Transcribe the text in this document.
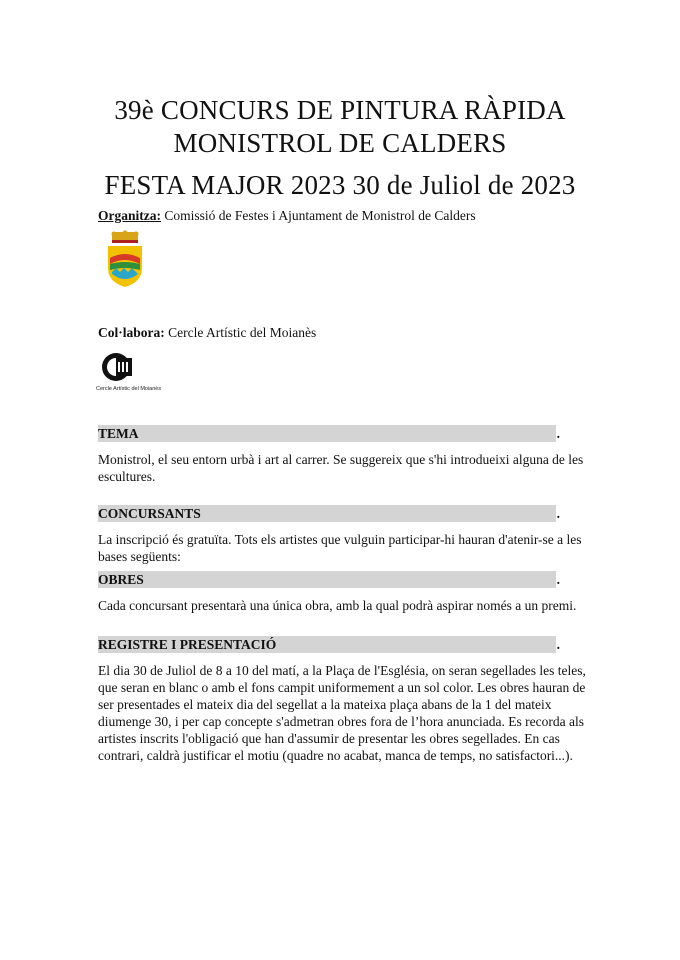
39è CONCURS DE PINTURA RÀPIDA
MONISTROL DE CALDERS
FESTA MAJOR 2023 30 de Juliol de 2023
Organitza: Comissió de Festes i Ajuntament de Monistrol de Calders
Col·labora: Cercle Artístic del Moianès
Cercle Artístic del Moianès
TEMA	.
Monistrol, el seu entorn urbà i art al carrer. Se suggereix que s'hi introdueixi alguna de les escultures.
CONCURSANTS	.
La inscripció és gratuïta. Tots els artistes que vulguin participar-hi hauran d'atenir-se a les bases següents:
OBRES	.
Cada concursant presentarà una única obra, amb la qual podrà aspirar només a un premi.
REGISTRE I PRESENTACIÓ	.
El dia 30 de Juliol de 8 a 10 del matí, a la Plaça de l'Església, on seran segellades les teles, que seran en blanc o amb el fons campit uniformement a un sol color. Les obres hauran de ser presentades el mateix dia del segellat a la mateixa plaça abans de la 1 del mateix diumenge 30, i per cap concepte s'admetran obres fora de l’hora anunciada. Es recorda als artistes inscrits l'obligació que han d'assumir de presentar les obres segellades. En cas contrari, caldrà justificar el motiu (quadre no acabat, manca de temps, no satisfactori...).
